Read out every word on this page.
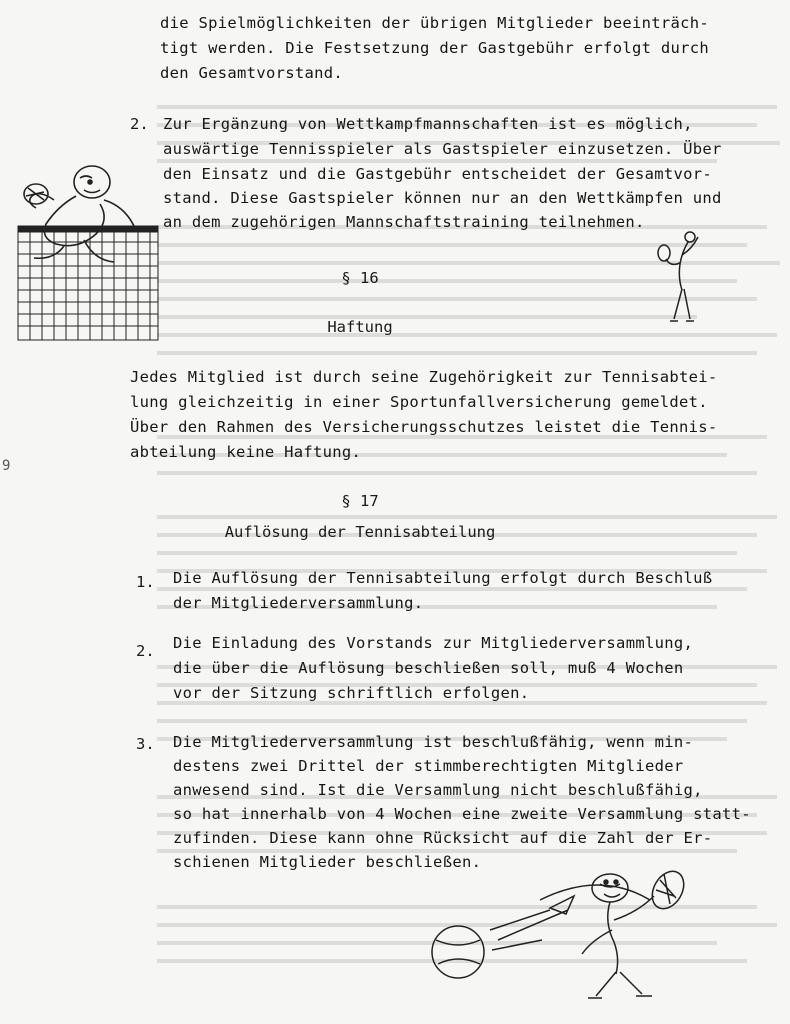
die Spielmöglichkeiten der übrigen Mitglieder beeinträch-
tigt werden. Die Festsetzung der Gastgebühr erfolgt durch
den Gesamtvorstand.
2. Zur Ergänzung von Wettkampfmannschaften ist es möglich,
auswärtige Tennisspieler als Gastspieler einzusetzen. Über
den Einsatz und die Gastgebühr entscheidet der Gesamtvor-
stand. Diese Gastspieler können nur an den Wettkämpfen und
an dem zugehörigen Mannschaftstraining teilnehmen.
§ 16
Haftung
Jedes Mitglied ist durch seine Zugehörigkeit zur Tennisabtei-
lung gleichzeitig in einer Sportunfallversicherung gemeldet.
Über den Rahmen des Versicherungsschutzes leistet die Tennis-
abteilung keine Haftung.
§ 17
Auflösung der Tennisabteilung
1. Die Auflösung der Tennisabteilung erfolgt durch Beschluß
der Mitgliederversammlung.
2. Die Einladung des Vorstands zur Mitgliederversammlung,
die über die Auflösung beschließen soll, muß 4 Wochen
vor der Sitzung schriftlich erfolgen.
3. Die Mitgliederversammlung ist beschlußfähig, wenn min-
destens zwei Drittel der stimmberechtigten Mitglieder
anwesend sind. Ist die Versammlung nicht beschlußfähig,
so hat innerhalb von 4 Wochen eine zweite Versammlung statt-
zufinden. Diese kann ohne Rücksicht auf die Zahl der Er-
schienen Mitglieder beschließen.
9
